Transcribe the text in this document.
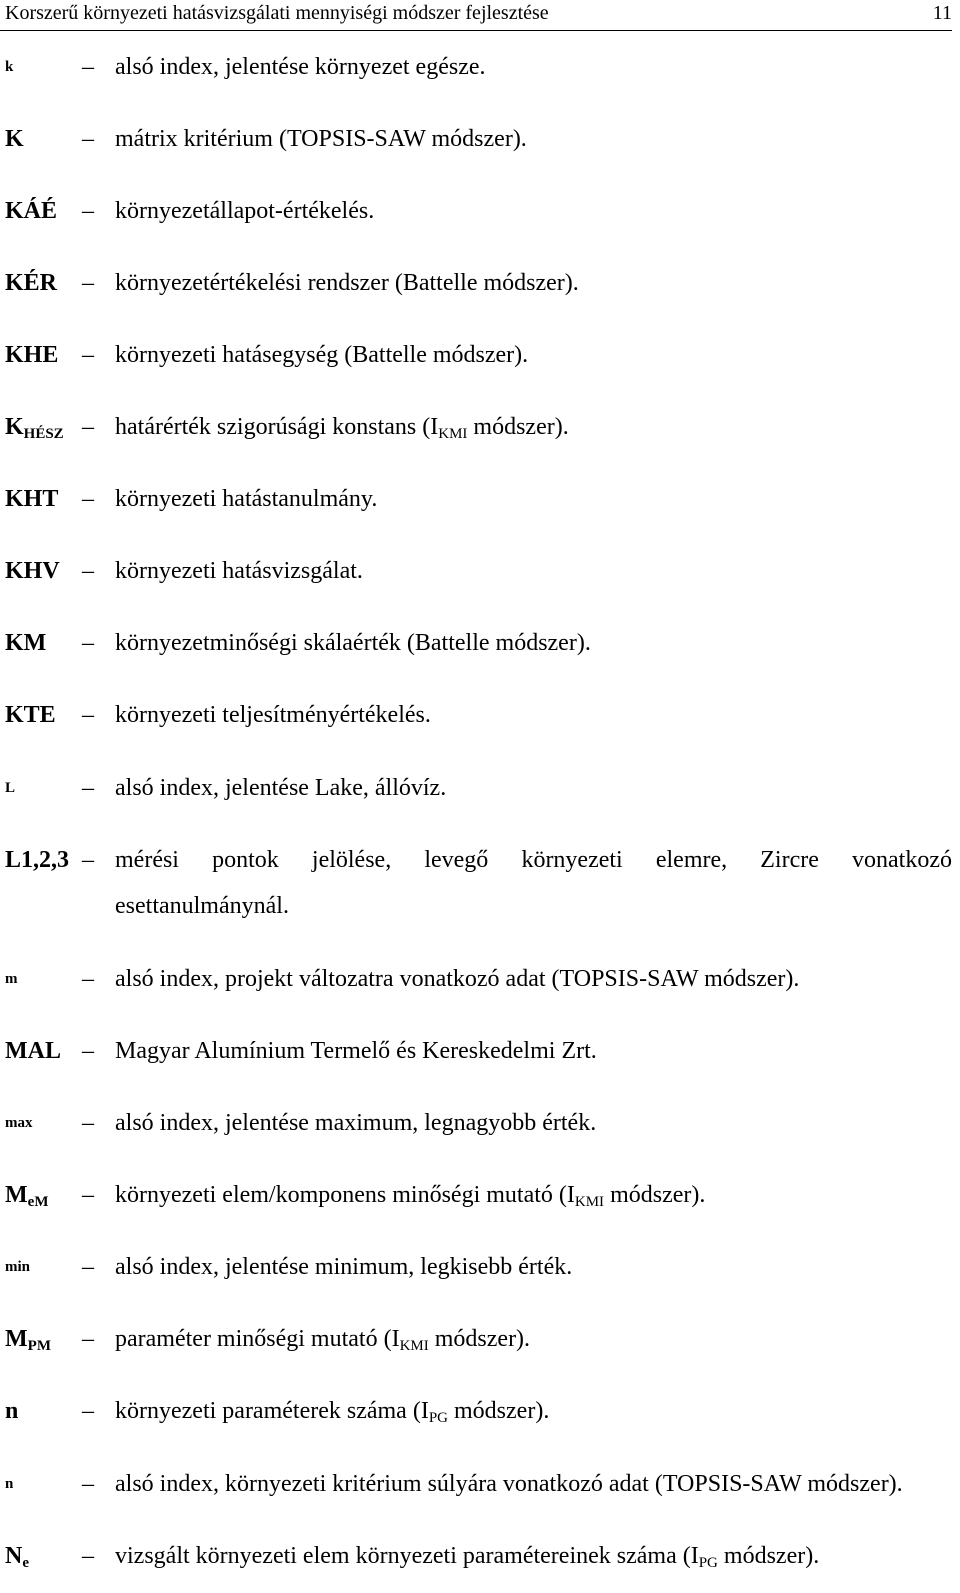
Korszerű környezeti hatásvizsgálati mennyiségi módszer fejlesztése	11
k	– alsó index, jelentése környezet egésze.
K – mátrix kritérium (TOPSIS-SAW módszer).
KÁÉ – környezetállapot-értékelés.
KÉR – környezetértékelési rendszer (Battelle módszer).
KHE – környezeti hatásegység (Battelle módszer).
$K_{HÉSZ}$ – határérték szigorúsági konstans ($I_{KMI}$ módszer).
KHT – környezeti hatástanulmány.
KHV – környezeti hatásvizsgálat.
KM – környezetminőségi skálaérték (Battelle módszer).
KTE – környezeti teljesítményértékelés.
L	– alsó index, jelentése Lake, állóvíz.
L1,2,3 – mérési pontok jelölése, levegő környezeti elemre, Zircre vonatkozó
esettanulmánynál.
m	– alsó index, projekt változatra vonatkozó adat (TOPSIS-SAW módszer).
MAL – Magyar Alumínium Termelő és Kereskedelmi Zrt.
max – alsó index, jelentése maximum, legnagyobb érték.
$M_{eM}$ – környezeti elem/komponens minőségi mutató ($I_{KMI}$ módszer).
min – alsó index, jelentése minimum, legkisebb érték.
$M_{PM}$ – paraméter minőségi mutató ($I_{KMI}$ módszer).
n	– környezeti paraméterek száma ($I_{PG}$ módszer).
n	– alsó index, környezeti kritérium súlyára vonatkozó adat (TOPSIS-SAW módszer).
$N_e$ – vizsgált környezeti elem környezeti paramétereinek száma ($I_{PG}$ módszer).
